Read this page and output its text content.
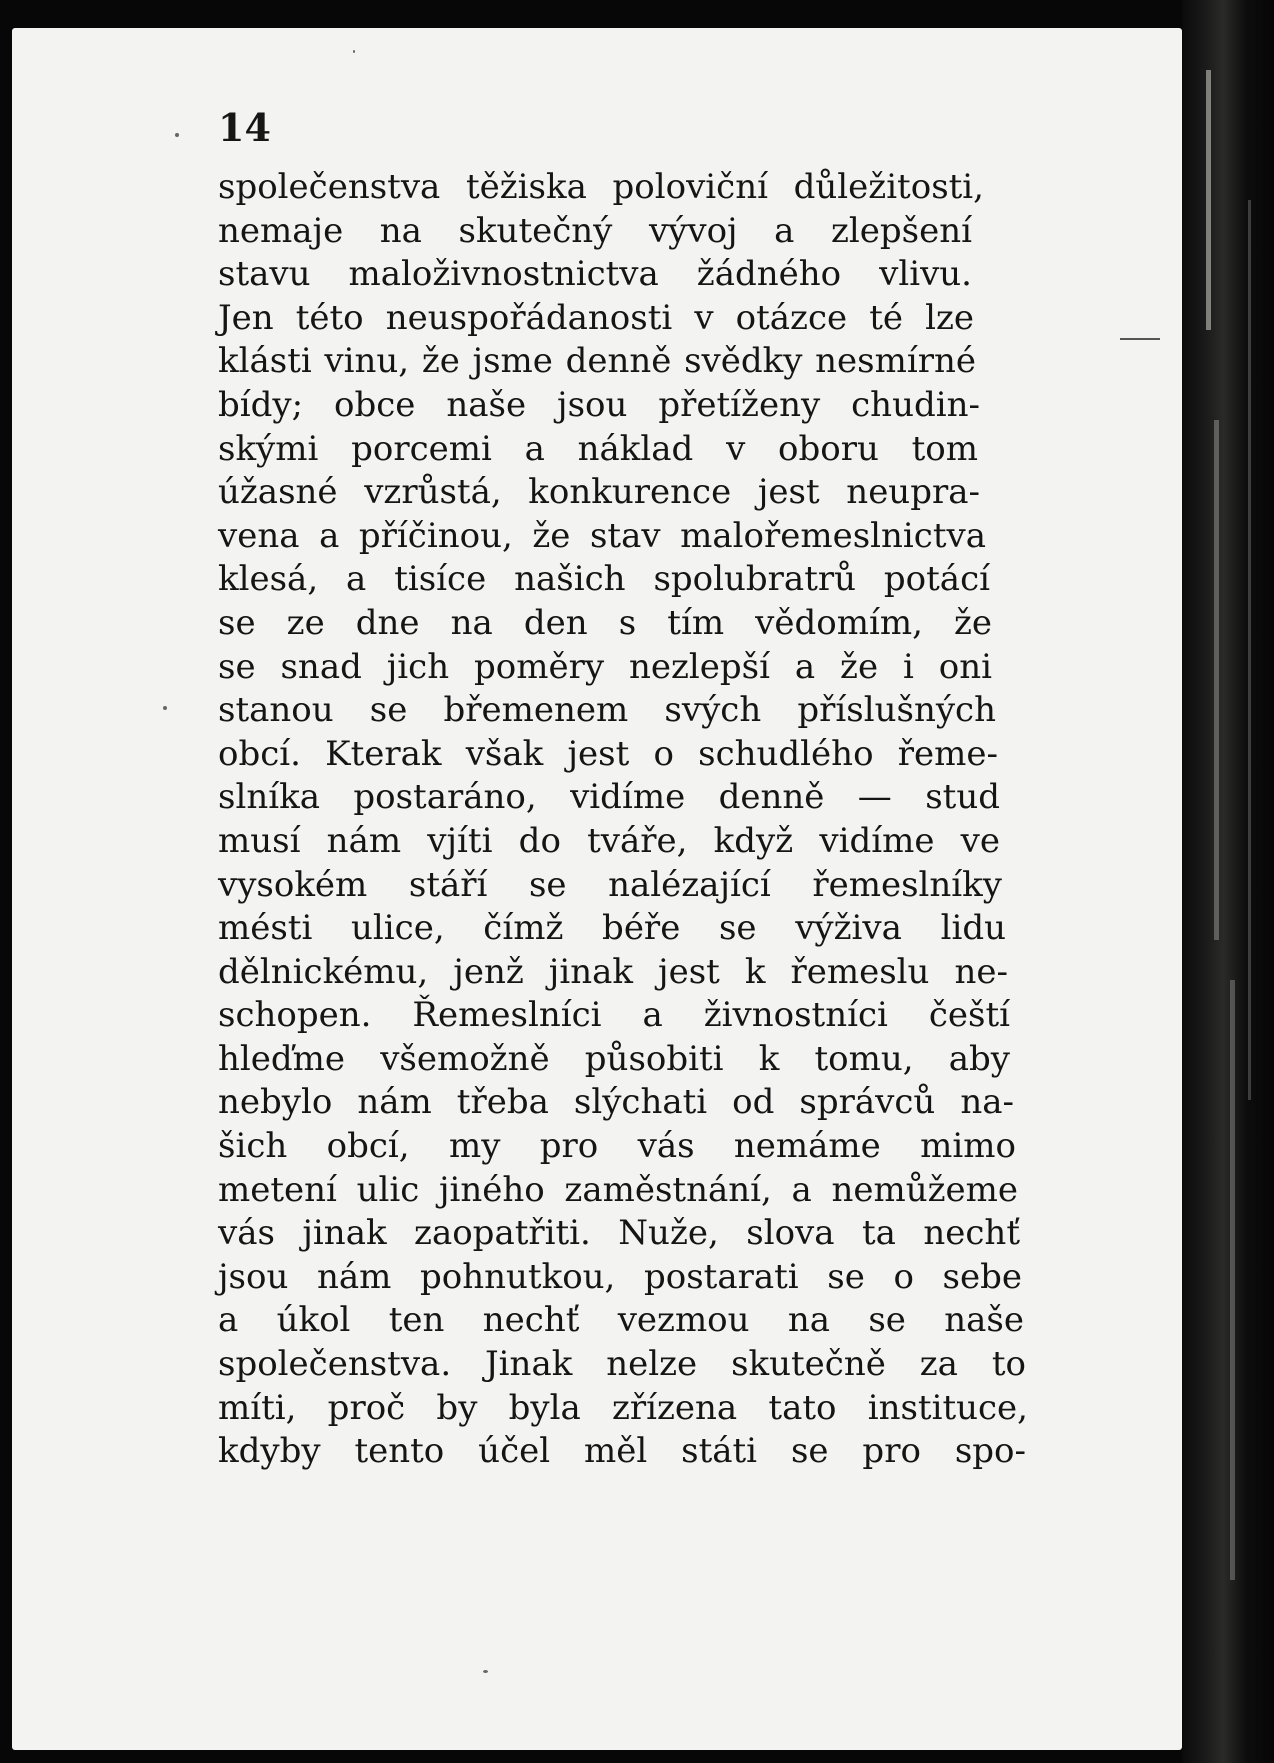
14

společenstva těžiska poloviční důležitosti,
nemaje na skutečný vývoj a zlepšení
stavu maloživnostnictva žádného vlivu.
Jen této neuspořádanosti v otázce té lze
klásti vinu, že jsme denně svědky nesmírné
bídy; obce naše jsou přetíženy chudin-
skými porcemi a náklad v oboru tom
úžasné vzrůstá, konkurence jest neupra-
vena a příčinou, že stav malořemeslnictva
klesá, a tisíce našich spolubratrů potácí
se ze dne na den s tím vědomím, že
se snad jich poměry nezlepší a že i oni
stanou se břemenem svých příslušných
obcí. Kterak však jest o schudlého řeme-
slníka postaráno, vidíme denně — stud
musí nám vjíti do tváře, když vidíme ve
vysokém stáří se nalézající řemeslníky
mésti ulice, čímž béře se výživa lidu
dělnickému, jenž jinak jest k řemeslu ne-
schopen. Řemeslníci a živnostníci čeští
hleďme všemožně působiti k tomu, aby
nebylo nám třeba slýchati od správců na-
šich obcí, my pro vás nemáme mimo
metení ulic jiného zaměstnání, a nemůžeme
vás jinak zaopatřiti. Nuže, slova ta nechť
jsou nám pohnutkou, postarati se o sebe
a úkol ten nechť vezmou na se naše
společenstva. Jinak nelze skutečně za to
míti, proč by byla zřízena tato instituce,
kdyby tento účel měl státi se pro spo-
